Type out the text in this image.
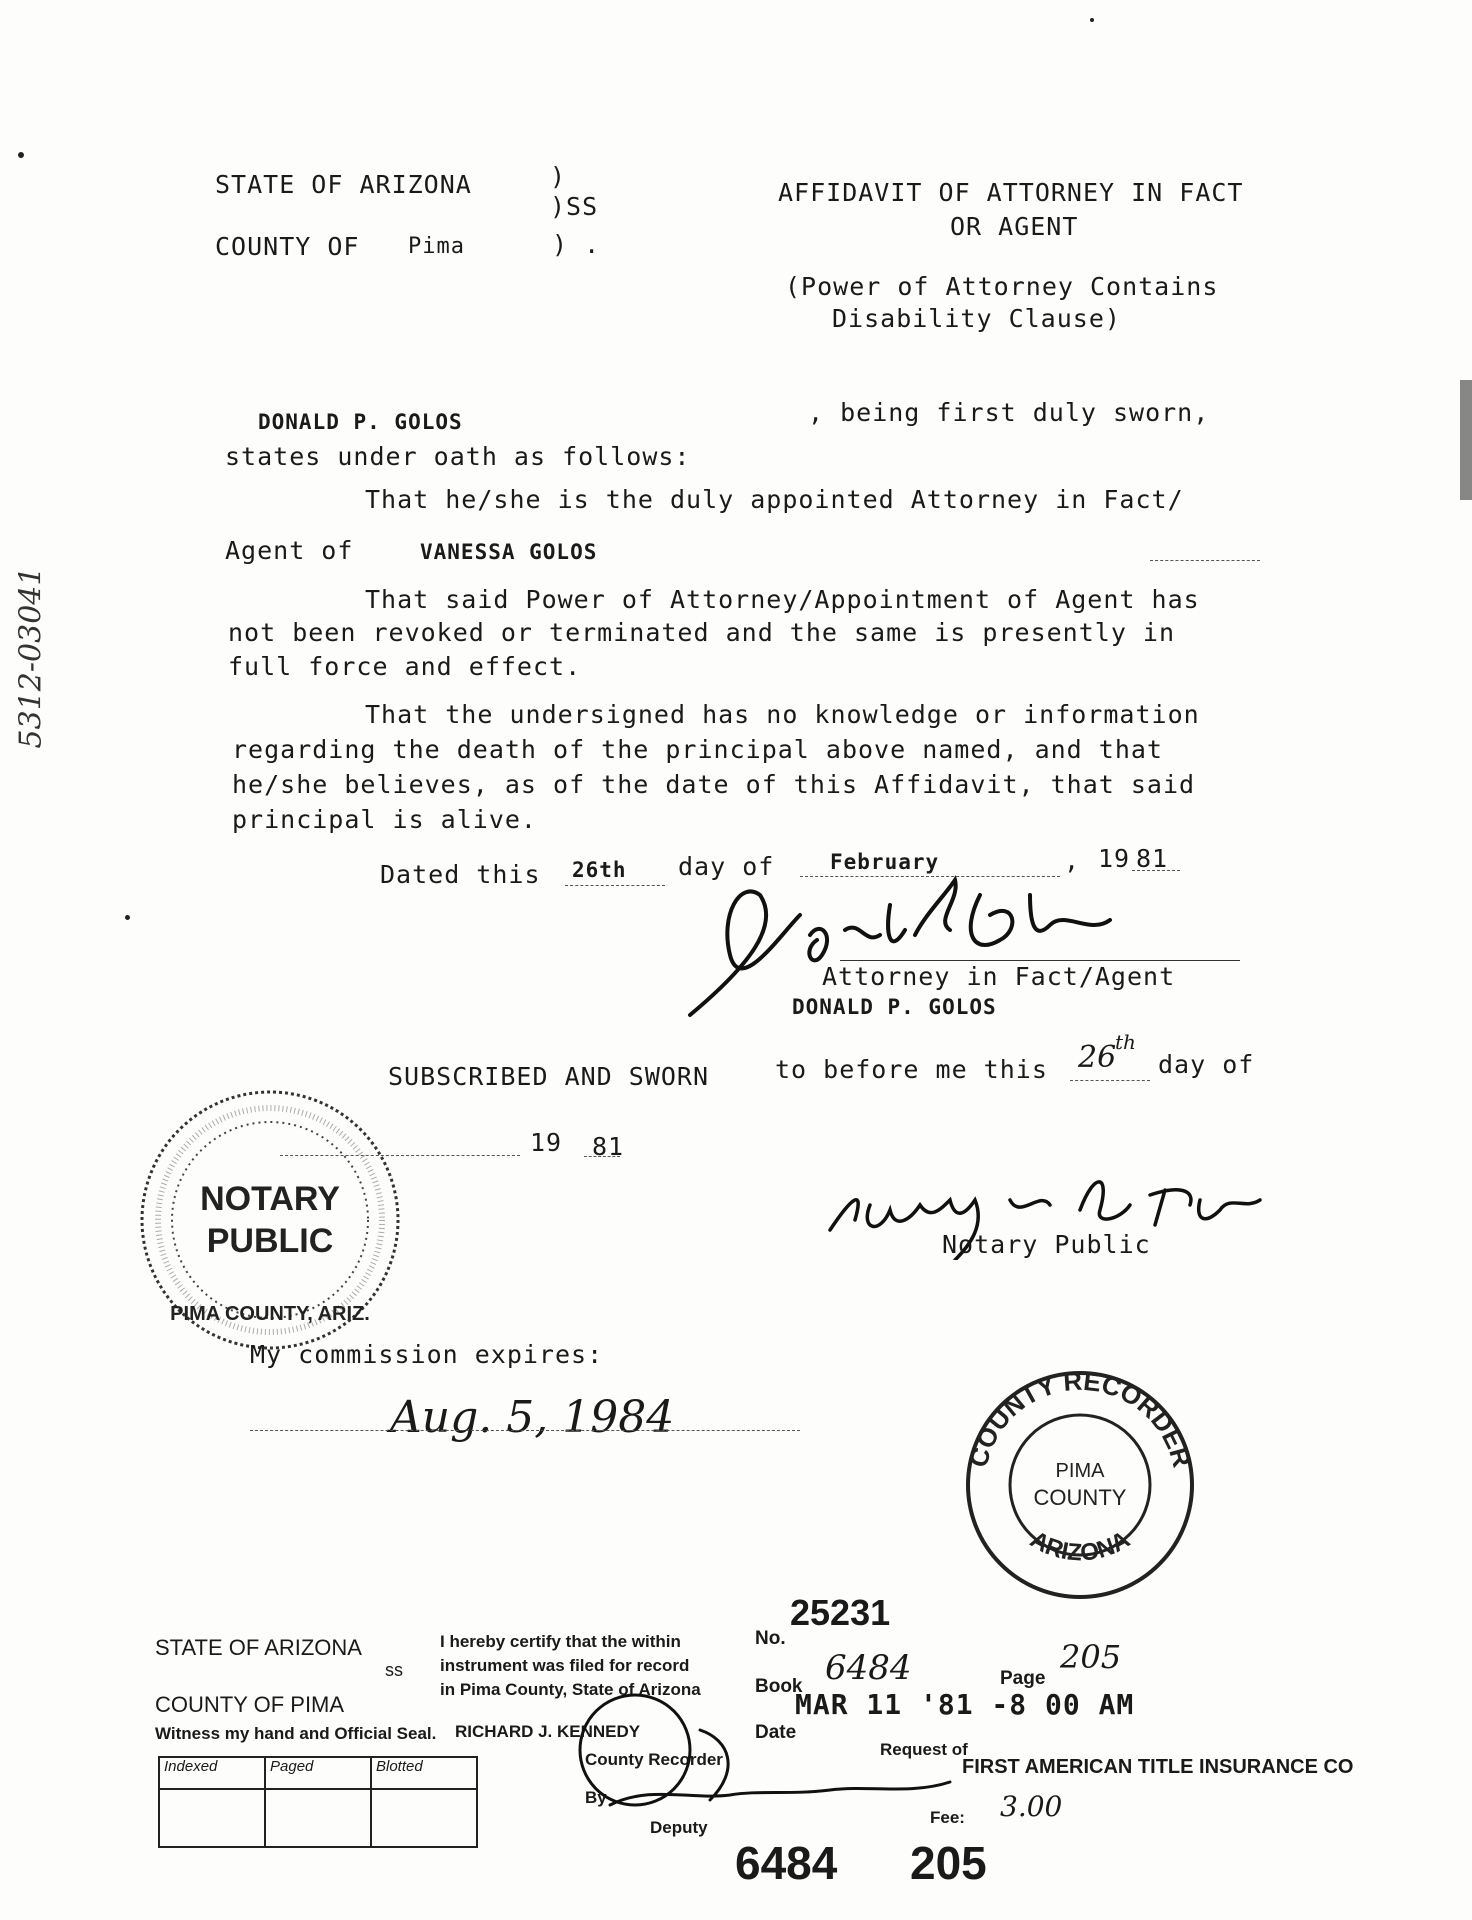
5312-03041
STATE OF ARIZONA	)
)SS
COUNTY OF Pima	) .
AFFIDAVIT OF ATTORNEY IN FACT
OR AGENT
(Power of Attorney Contains
Disability Clause)
DONALD P. GOLOS	, being first duly sworn,
states under oath as follows:
That he/she is the duly appointed Attorney in Fact/
Agent of	VANESSA GOLOS
That said Power of Attorney/Appointment of Agent has
not been revoked or terminated and the same is presently in
full force and effect.
That the undersigned has no knowledge or information
regarding the death of the principal above named, and that
he/she believes, as of the date of this Affidavit, that said
principal is alive.
Dated this 26th day of	February	, 19 81
Attorney in Fact/Agent
DONALD P. GOLOS
SUBSCRIBED AND SWORN	to before me this 26
th
day of
19 81
NOTARY
PUBLIC
PIMA COUNTY, ARIZ.
Notary Public
My commission expires:
Aug. 5, 1984
COUNTY RECORDER
ARIZONA
PIMA
COUNTY
STATE OF ARIZONA
ss
COUNTY OF PIMA
I hereby certify that the within
instrument was filed for record
in Pima County, State of Arizona
Witness my hand and Official Seal. RICHARD J. KENNEDY
County Recorder
By
Deputy
Indexed	Paged	Blotted

No.
25231
Book 6484	Page
205
Date
MAR 11 '81 -8 00 AM
Request of
FIRST AMERICAN TITLE INSURANCE CO
Fee: 3.00
6484 205
